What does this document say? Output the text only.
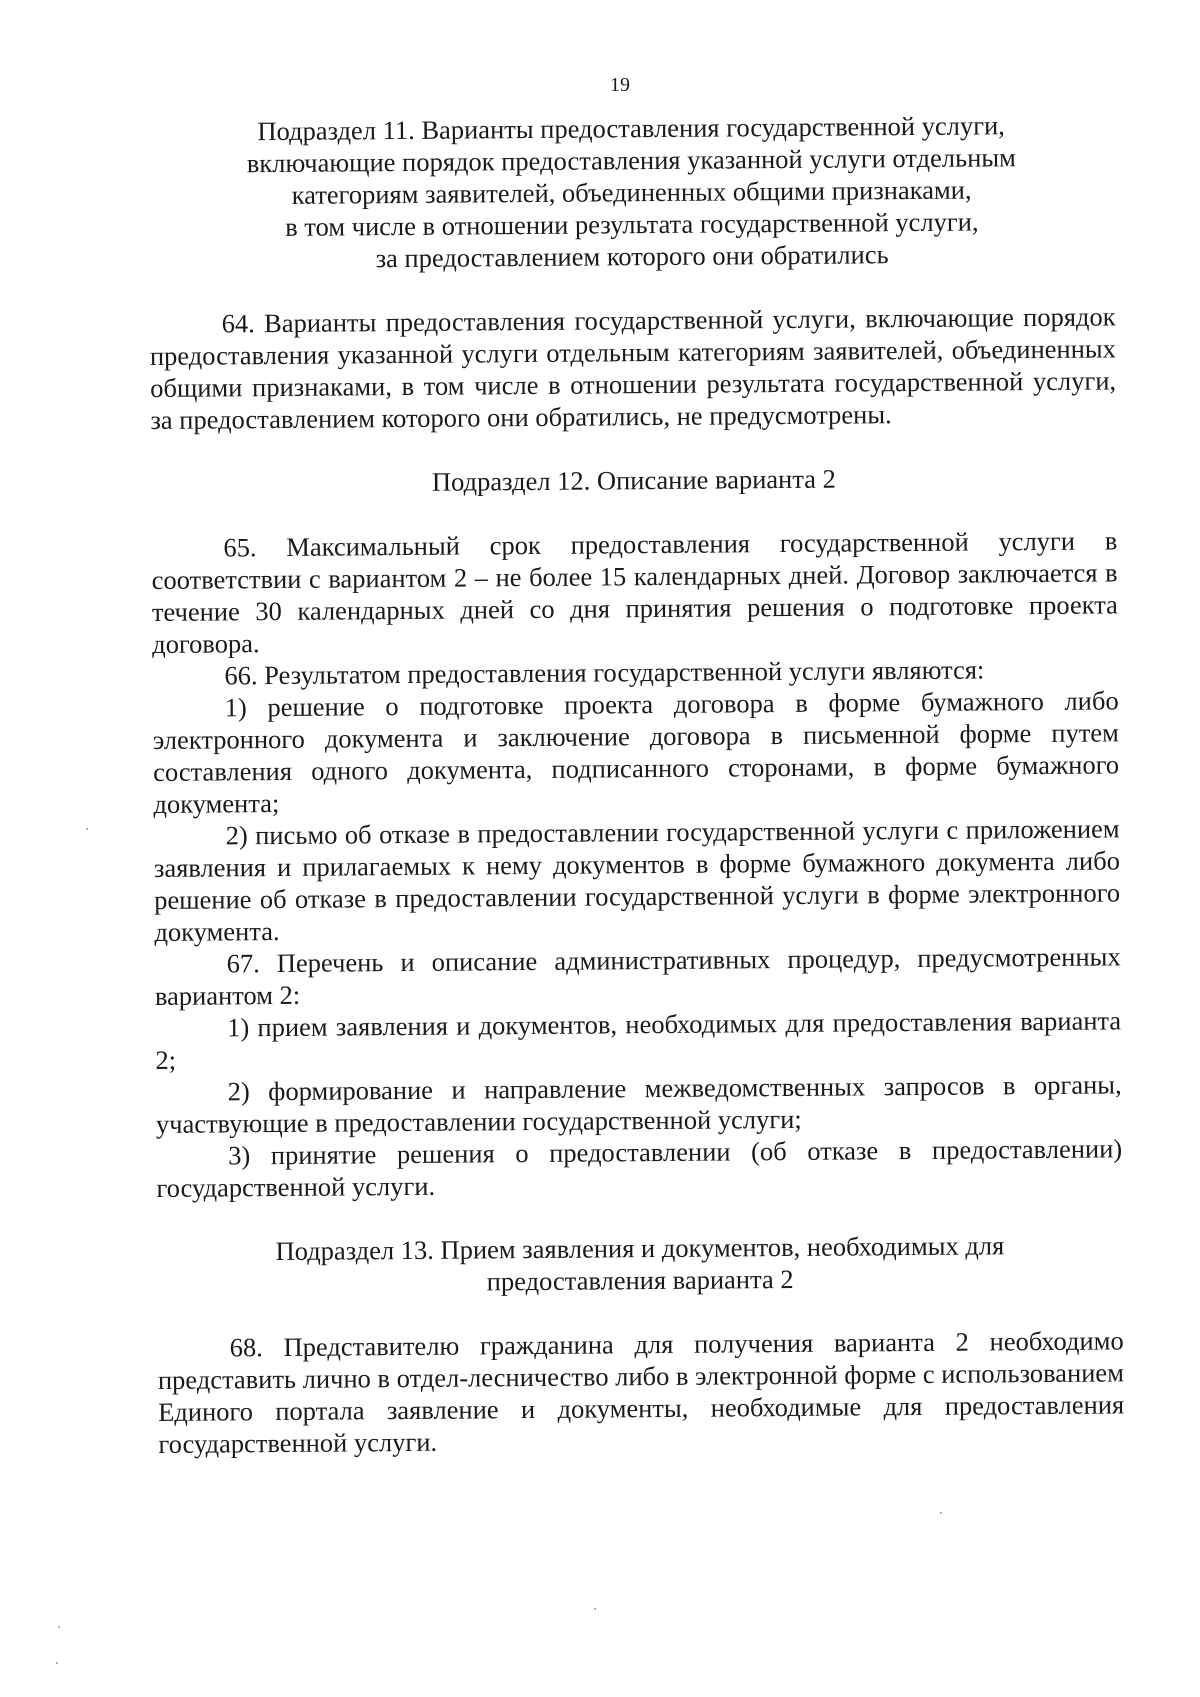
19
Подраздел 11. Варианты предоставления государственной услуги,
включающие порядок предоставления указанной услуги отдельным
категориям заявителей, объединенных общими признаками,
в том числе в отношении результата государственной услуги,
за предоставлением которого они обратились

64. Варианты предоставления государственной услуги, включающие порядок предоставления указанной услуги отдельным категориям заявителей, объединенных общими признаками, в том числе в отношении результата государственной услуги, за предоставлением которого они обратились, не предусмотрены.

Подраздел 12. Описание варианта 2

65. Максимальный срок предоставления государственной услуги в соответствии с вариантом 2 – не более 15 календарных дней. Договор заключается в течение 30 календарных дней со дня принятия решения о подготовке проекта договора.

66. Результатом предоставления государственной услуги являются:

1) решение о подготовке проекта договора в форме бумажного либо электронного документа и заключение договора в письменной форме путем составления одного документа, подписанного сторонами, в форме бумажного документа;

2) письмо об отказе в предоставлении государственной услуги с приложением заявления и прилагаемых к нему документов в форме бумажного документа либо решение об отказе в предоставлении государственной услуги в форме электронного документа.

67. Перечень и описание административных процедур, предусмотренных вариантом 2:

1) прием заявления и документов, необходимых для предоставления варианта 2;

2) формирование и направление межведомственных запросов в органы, участвующие в предоставлении государственной услуги;

3) принятие решения о предоставлении (об отказе в предоставлении) государственной услуги.

Подраздел 13. Прием заявления и документов, необходимых для
предоставления варианта 2

68. Представителю гражданина для получения варианта 2 необходимо представить лично в отдел-лесничество либо в электронной форме с использованием Единого портала заявление и документы, необходимые для предоставления государственной услуги.
